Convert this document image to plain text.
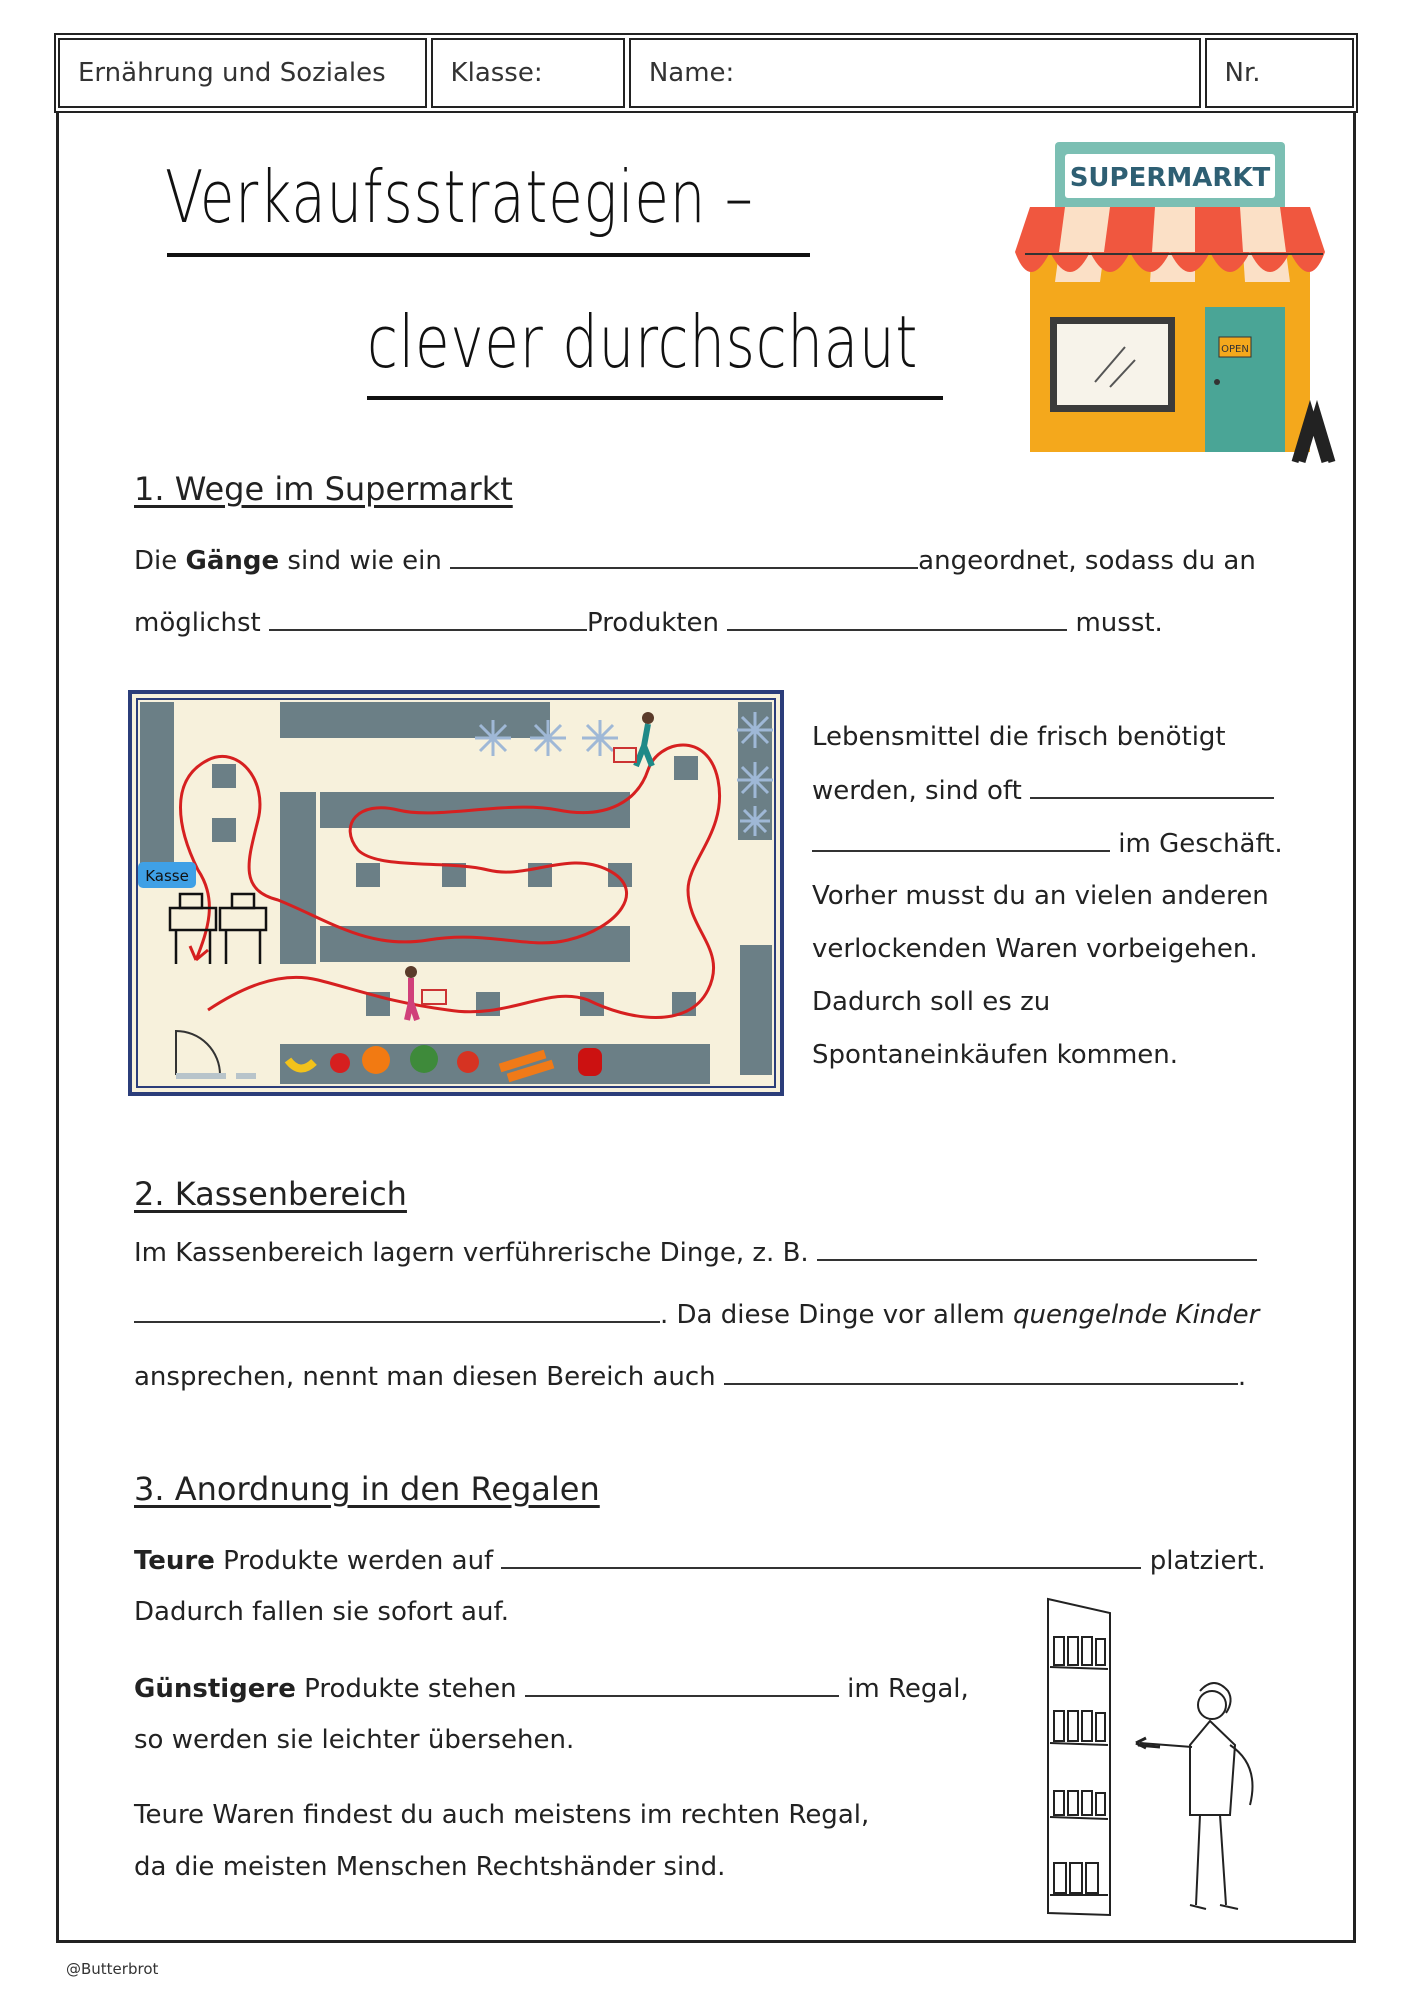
Ernährung und Soziales Klasse:	Name:	Nr.
Verkaufsstrategien –
clever durchschaut
SUPERMARKT
OPEN
1. Wege im Supermarkt
Die Gänge sind wie ein	angeordnet, sodass du an
möglichst	Produkten	musst.
Kasse
Lebensmittel die frisch benötigt
werden, sind oft
im Geschäft.
Vorher musst du an vielen anderen
verlockenden Waren vorbeigehen.
Dadurch soll es zu
Spontaneinkäufen kommen.
2. Kassenbereich
Im Kassenbereich lagern verführerische Dinge, z. B.
. Da diese Dinge vor allem quengelnde Kinder
ansprechen, nennt man diesen Bereich auch	.
3. Anordnung in den Regalen
Teure Produkte werden auf	platziert.
Dadurch fallen sie sofort auf.
Günstigere Produkte stehen	im Regal,
so werden sie leichter übersehen.
Teure Waren findest du auch meistens im rechten Regal,
da die meisten Menschen Rechtshänder sind.
@Butterbrot
